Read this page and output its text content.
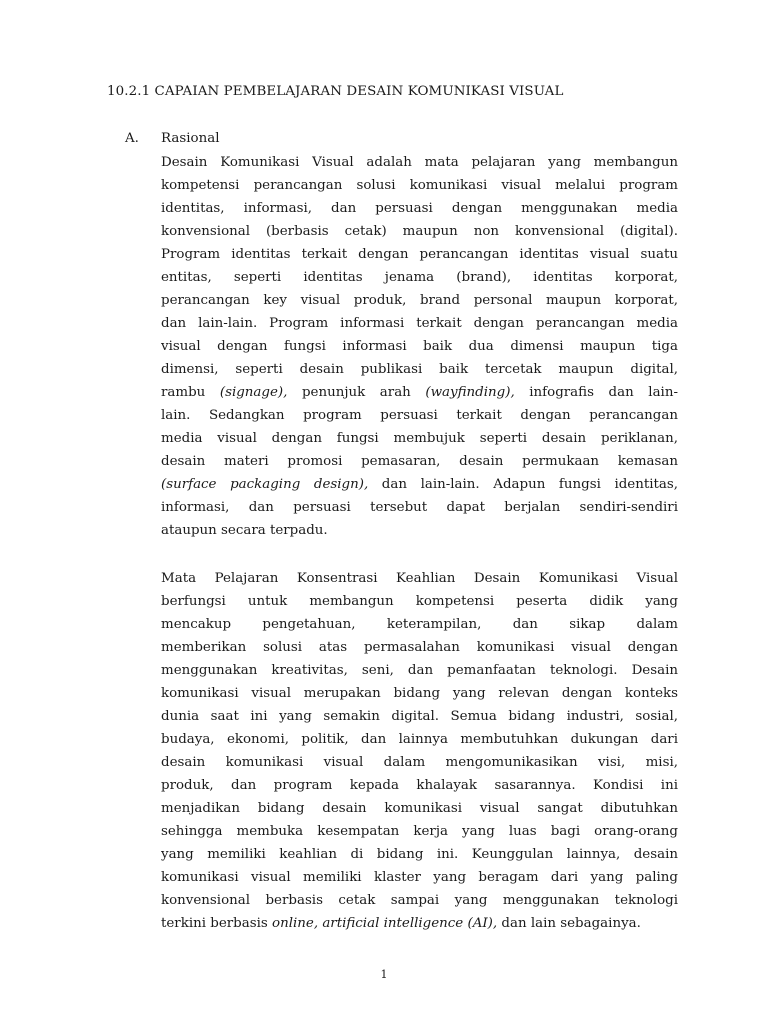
10.2.1 CAPAIAN PEMBELAJARAN DESAIN KOMUNIKASI VISUAL
A. Rasional
Desain Komunikasi Visual adalah mata pelajaran yang membangun
kompetensi perancangan solusi komunikasi visual melalui program
identitas, informasi, dan persuasi dengan menggunakan media
konvensional (berbasis cetak) maupun non konvensional (digital).
Program identitas terkait dengan perancangan identitas visual suatu
entitas, seperti identitas jenama (brand), identitas korporat,
perancangan key visual produk, brand personal maupun korporat,
dan lain-lain. Program informasi terkait dengan perancangan media
visual dengan fungsi informasi baik dua dimensi maupun tiga
dimensi, seperti desain publikasi baik tercetak maupun digital,
rambu (signage), penunjuk arah (wayfinding), infografis dan lain-
lain. Sedangkan program persuasi terkait dengan perancangan
media visual dengan fungsi membujuk seperti desain periklanan,
desain materi promosi pemasaran, desain permukaan kemasan
(surface packaging design), dan lain-lain. Adapun fungsi identitas,
informasi, dan persuasi tersebut dapat berjalan sendiri-sendiri
ataupun secara terpadu.
Mata Pelajaran Konsentrasi Keahlian Desain Komunikasi Visual
berfungsi untuk membangun kompetensi peserta didik yang
mencakup pengetahuan, keterampilan, dan sikap dalam
memberikan solusi atas permasalahan komunikasi visual dengan
menggunakan kreativitas, seni, dan pemanfaatan teknologi. Desain
komunikasi visual merupakan bidang yang relevan dengan konteks
dunia saat ini yang semakin digital. Semua bidang industri, sosial,
budaya, ekonomi, politik, dan lainnya membutuhkan dukungan dari
desain komunikasi visual dalam mengomunikasikan visi, misi,
produk, dan program kepada khalayak sasarannya. Kondisi ini
menjadikan bidang desain komunikasi visual sangat dibutuhkan
sehingga membuka kesempatan kerja yang luas bagi orang-orang
yang memiliki keahlian di bidang ini. Keunggulan lainnya, desain
komunikasi visual memiliki klaster yang beragam dari yang paling
konvensional berbasis cetak sampai yang menggunakan teknologi
terkini berbasis online, artificial intelligence (AI), dan lain sebagainya.
1
